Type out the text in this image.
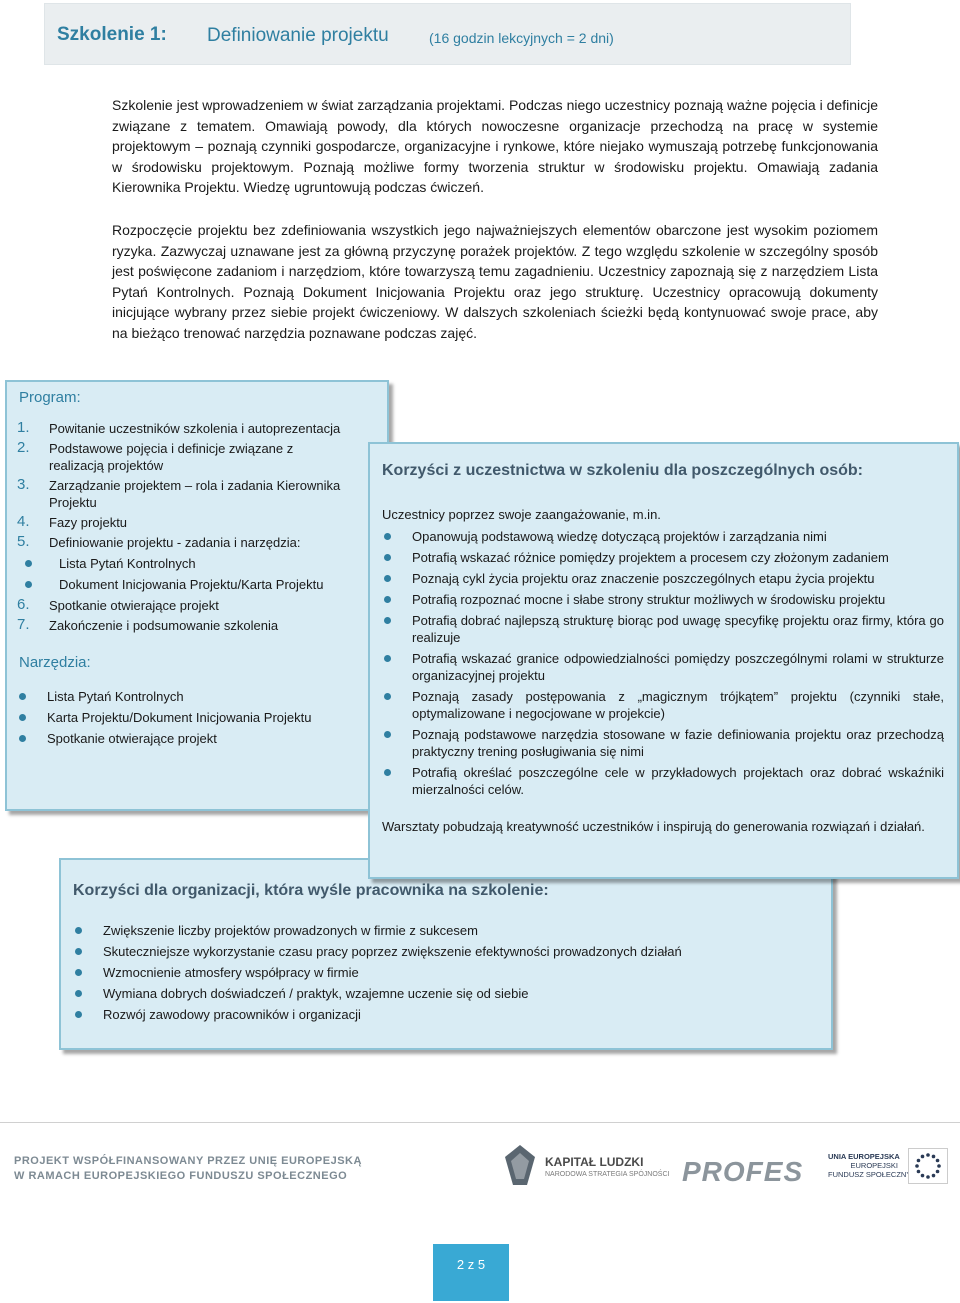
Szkolenie 1: Definiowanie projektu	(16 godzin lekcyjnych = 2 dni)

Szkolenie jest wprowadzeniem w świat zarządzania projektami. Podczas niego uczestnicy poznają ważne pojęcia i definicje związane z tematem. Omawiają powody, dla których nowoczesne organizacje przechodzą na pracę w systemie projektowym – poznają czynniki gospodarcze, organizacyjne i rynkowe, które niejako wymuszają potrzebę funkcjonowania w środowisku projektowym. Poznają możliwe formy tworzenia struktur w środowisku projektu. Omawiają zadania Kierownika Projektu. Wiedzę ugruntowują podczas ćwiczeń.

Rozpoczęcie projektu bez zdefiniowania wszystkich jego najważniejszych elementów obarczone jest wysokim poziomem ryzyka. Zazwyczaj uznawane jest za główną przyczynę porażek projektów. Z tego względu szkolenie w szczególny sposób jest poświęcone zadaniom i narzędziom, które towarzyszą temu zagadnieniu. Uczestnicy zapoznają się z narzędziem Lista Pytań Kontrolnych. Poznają Dokument Inicjowania Projektu oraz jego strukturę. Uczestnicy opracowują dokumenty inicjujące wybrany przez siebie projekt ćwiczeniowy. W dalszych szkoleniach ścieżki będą kontynuować swoje prace, aby na bieżąco trenować narzędzia poznawane podczas zajęć.

Program:
1. Powitanie uczestników szkolenia i autoprezentacja
2. Podstawowe pojęcia i definicje związane z realizacją projektów
3. Zarządzanie projektem – rola i zadania Kierownika Projektu
4. Fazy projektu
5. Definiowanie projektu - zadania i narzędzia:
Lista Pytań Kontrolnych
Dokument Inicjowania Projektu/Karta Projektu
6. Spotkanie otwierające projekt
7. Zakończenie i podsumowanie szkolenia
Narzędzia:
Lista Pytań Kontrolnych
Karta Projektu/Dokument Inicjowania Projektu
Spotkanie otwierające projekt
Korzyści z uczestnictwa w szkoleniu dla poszczególnych osób:

Uczestnicy poprzez swoje zaangażowanie, m.in.

Opanowują podstawową wiedzę dotyczącą projektów i zarządzania nimi
Potrafią wskazać różnice pomiędzy projektem a procesem czy złożonym zadaniem
Poznają cykl życia projektu oraz znaczenie poszczególnych etapu życia projektu
Potrafią rozpoznać mocne i słabe strony struktur możliwych w środowisku projektu
Potrafią dobrać najlepszą strukturę biorąc pod uwagę specyfikę projektu oraz firmy, która go realizuje
Potrafią wskazać granice odpowiedzialności pomiędzy poszczególnymi rolami w strukturze organizacyjnej projektu
Poznają zasady postępowania z „magicznym trójkątem” projektu (czynniki stałe, optymalizowane i negocjowane w projekcie)
Poznają podstawowe narzędzia stosowane w fazie definiowania projektu oraz przechodzą praktyczny trening posługiwania się nimi
Potrafią określać poszczególne cele w przykładowych projektach oraz dobrać wskaźniki mierzalności celów.

Warsztaty pobudzają kreatywność uczestników i inspirują do generowania rozwiązań i działań.

Korzyści dla organizacji, która wyśle pracownika na szkolenie:
Zwiększenie liczby projektów prowadzonych w firmie z sukcesem
Skuteczniejsze wykorzystanie czasu pracy poprzez zwiększenie efektywności prowadzonych działań
Wzmocnienie atmosfery współpracy w firmie
Wymiana dobrych doświadczeń / praktyk, wzajemne uczenie się od siebie
Rozwój zawodowy pracowników i organizacji
PROJEKT WSPÓŁFINANSOWANY PRZEZ UNIĘ EUROPEJSKĄ
W RAMACH EUROPEJSKIEGO FUNDUSZU SPOŁECZNEGO
KAPITAŁ LUDZKI
NARODOWA STRATEGIA SPÓJNOŚCI PROFES	UNIA EUROPEJSKA
EUROPEJSKI
FUNDUSZ SPOŁECZNY
2 z 5
